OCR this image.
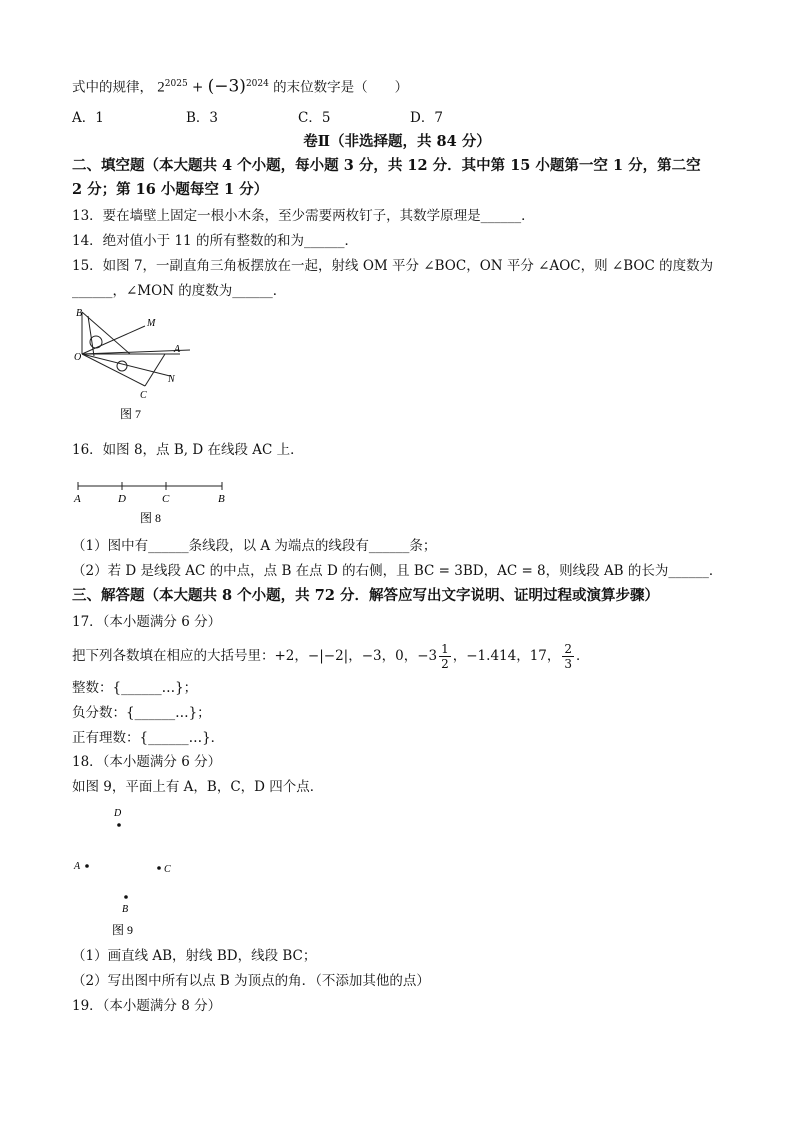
式中的规律， $2^{2025} + (-3)^{2024}$ 的末位数字是（　　）
A．1	B．3	C．5	D．7
卷Ⅱ（非选择题，共 84 分）
二、填空题（本大题共 4 个小题，每小题 3 分，共 12 分．其中第 15 小题第一空 1 分，第二空
2 分；第 16 小题每空 1 分）
13．要在墙壁上固定一根小木条，至少需要两枚钉子，其数学原理是______．
14．绝对值小于 11 的所有整数的和为______．
15．如图 7，一副直角三角板摆放在一起，射线 OM 平分 ∠BOC，ON 平分 ∠AOC，则 ∠BOC 的度数为
______，∠MON 的度数为______．
B
M
O
A
N
C
图 7
16．如图 8，点 B, D 在线段 AC 上．
A	D	C	B
图 8
（1）图中有______条线段，以 A 为端点的线段有______条；
（2）若 D 是线段 AC 的中点，点 B 在点 D 的右侧，且 BC = 3BD，AC = 8，则线段 AB 的长为______．
三、解答题（本大题共 8 个小题，共 72 分．解答应写出文字说明、证明过程或演算步骤）
17．（本小题满分 6 分）
把下列各数填在相应的大括号里：+2，−|−2|，−3，0，$-3 \frac{1}{2}$ ，−1.414，17， $\frac{2}{3}$ ．
整数：{______…}；
负分数：{______…}；
正有理数：{______…}．
18．（本小题满分 6 分）
如图 9，平面上有 A，B，C，D 四个点．
D
A	C
B
图 9
（1）画直线 AB，射线 BD，线段 BC；
（2）写出图中所有以点 B 为顶点的角．（不添加其他的点）
19．（本小题满分 8 分）
